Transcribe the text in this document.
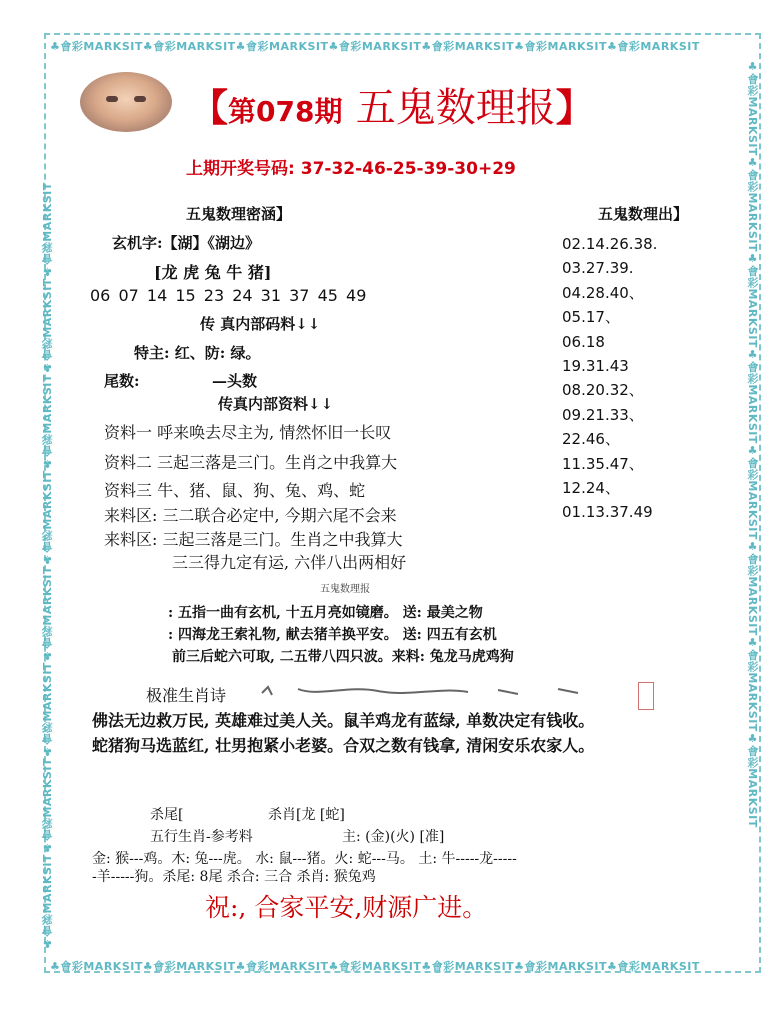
♣會彩MARKSIT♣會彩MARKSIT♣會彩MARKSIT♣會彩MARKSIT♣會彩MARKSIT♣會彩MARKSIT♣會彩MARKSIT
♣會彩MARKSIT♣會彩MARKSIT♣會彩MARKSIT♣會彩MARKSIT♣會彩MARKSIT♣會彩MARKSIT♣會彩MARKSIT
♣會彩MARKSIT♣會彩MARKSIT♣會彩MARKSIT♣會彩MARKSIT♣會彩MARKSIT♣會彩MARKSIT♣會彩MARKSIT♣會彩MARKSIT	♣會彩MARKSIT♣會彩MARKSIT♣會彩MARKSIT♣會彩MARKSIT♣會彩MARKSIT♣會彩MARKSIT♣會彩MARKSIT♣會彩MARKSIT
【第078期 五鬼数理报】
上期开奖号码: 37-32-46-25-39-30+29
五鬼数理密涵】	五鬼数理出】
玄机字:【湖】《湖边》
[龙 虎 兔 牛 猪]
06 07 14 15 23 24 31 37 45 49
传 真内部码料↓↓
特主: 红、防: 绿。
尾数:	—头数
传真内部资料↓↓
资料一 呼来唤去尽主为, 情然怀旧一长叹
资料二 三起三落是三门。生肖之中我算大
资料三 牛、猪、鼠、狗、兔、鸡、蛇
来料区: 三二联合必定中, 今期六尾不会来
来料区: 三起三落是三门。生肖之中我算大
三三得九定有运, 六伴八出两相好
02.14.26.38.
03.27.39.
04.28.40、
05.17、
06.18
19.31.43
08.20.32、
09.21.33、
22.46、
11.35.47、
12.24、
01.13.37.49
五鬼数理报
: 五指一曲有玄机, 十五月亮如镜磨。 送: 最美之物
: 四海龙王索礼物, 献去猪羊换平安。 送: 四五有玄机
前三后蛇六可取, 二五带八四只波。来料: 兔龙马虎鸡狗
极准生肖诗
佛法无边救万民, 英雄难过美人关。鼠羊鸡龙有蓝绿, 单数决定有钱收。
蛇猪狗马选蓝红, 壮男抱紧小老婆。合双之数有钱拿, 清闲安乐农家人。
杀尾[	杀肖[龙 [蛇]
五行生肖-参考料	主: (金)(火) [准]
金: 猴---鸡。木: 兔---虎。 水: 鼠---猪。火: 蛇---马。 土: 牛-----龙-----
-羊-----狗。杀尾: 8尾 杀合: 三合 杀肖: 猴兔鸡
祝:, 合家平安,财源广进。
